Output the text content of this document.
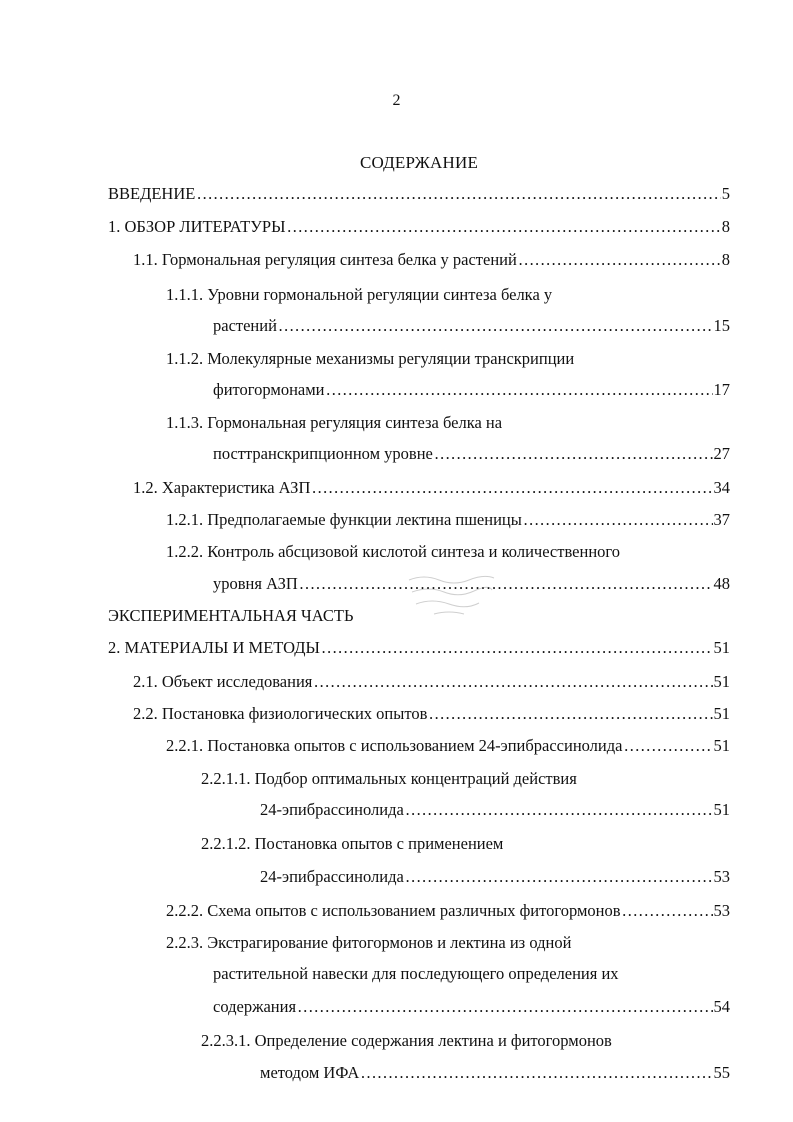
2
СОДЕРЖАНИЕ
ВВЕДЕНИЕ ………………………………………………………………………………………………………………………………………………………………………………………………………………………………	5
1. ОБЗОР ЛИТЕРАТУРЫ ………………………………………………………………………………………………………………………………………………………………………………………………………………………………	8
1.1. Гормональная регуляция синтеза белка у растений ………………………………………………………………………………………………………………………………………………………………………………………………………………………………	8
1.1.1. Уровни гормональной регуляции синтеза белка у
растений ………………………………………………………………………………………………………………………………………………………………………………………………………………………………	15
1.1.2. Молекулярные механизмы регуляции транскрипции
фитогормонами ………………………………………………………………………………………………………………………………………………………………………………………………………………………………	17
1.1.3. Гормональная регуляция синтеза белка на
посттранскрипционном уровне ………………………………………………………………………………………………………………………………………………………………………………………………………………………………	27
1.2. Характеристика АЗП ………………………………………………………………………………………………………………………………………………………………………………………………………………………………	34
1.2.1. Предполагаемые функции лектина пшеницы ………………………………………………………………………………………………………………………………………………………………………………………………………………………………	37
1.2.2. Контроль абсцизовой кислотой синтеза и количественного
уровня АЗП ………………………………………………………………………………………………………………………………………………………………………………………………………………………………	48
ЭКСПЕРИМЕНТАЛЬНАЯ ЧАСТЬ
2. МАТЕРИАЛЫ И МЕТОДЫ ………………………………………………………………………………………………………………………………………………………………………………………………………………………………	51
2.1. Объект исследования ………………………………………………………………………………………………………………………………………………………………………………………………………………………………	51
2.2. Постановка физиологических опытов ………………………………………………………………………………………………………………………………………………………………………………………………………………………………	51
2.2.1. Постановка опытов с использованием 24-эпибрассинолида ………………………………………………………………………………………………………………………………………………………………………………………………………………………………	51
2.2.1.1. Подбор оптимальных концентраций действия
24-эпибрассинолида ………………………………………………………………………………………………………………………………………………………………………………………………………………………………	51
2.2.1.2. Постановка опытов с применением
24-эпибрассинолида ………………………………………………………………………………………………………………………………………………………………………………………………………………………………	53
2.2.2. Схема опытов с использованием различных фитогормонов ………………………………………………………………………………………………………………………………………………………………………………………………………………………………	53
2.2.3. Экстрагирование фитогормонов и лектина из одной
растительной навески для последующего определения их
содержания ………………………………………………………………………………………………………………………………………………………………………………………………………………………………	54
2.2.3.1. Определение содержания лектина и фитогормонов
методом ИФА ………………………………………………………………………………………………………………………………………………………………………………………………………………………………	55
